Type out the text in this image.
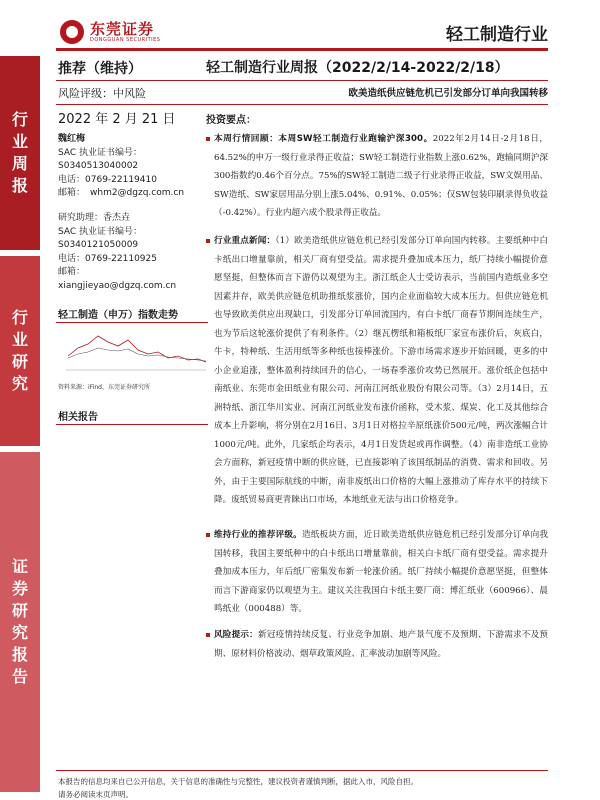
东莞证券
DONGGUAN SECURITIES	轻工制造行业
行
业
周
报
行
业
研
究
证
券
研
究
报
告
推荐（维持）
风险评级：中风险
2022 年 2 月 21 日
魏红梅
SAC 执业证书编号：
S0340513040002
电话：0769-22119410
邮箱： whm2@dgzq.com.cn
研究助理：香杰垚
SAC 执业证书编号：
S0340121050009
电话：0769-22110925
邮箱：
xiangjieyao@dgzq.com.cn
轻工制造（申万）指数走势
资料来源：iFind，东莞证券研究所
相关报告
轻工制造行业周报（2022/2/14-2022/2/18）
欧美造纸供应链危机已引发部分订单向我国转移
投资要点：
本周行情回顾：本周SW轻工制造行业跑输沪深300。2022年2月14日-2月18日，64.52%的申万一级行业录得正收益；SW轻工制造行业指数上涨0.62%，跑输同期沪深300指数约0.46个百分点。75%的SW轻工制造二级子行业录得正收益，SW文娱用品、SW造纸、SW家居用品分别上涨5.04%、0.91%、0.05%；仅SW包装印刷录得负收益（-0.42%）。行业内超六成个股录得正收益。
行业重点新闻：（1）欧美造纸供应链危机已经引发部分订单向国内转移。主要纸种中白卡纸出口增量靠前，相关厂商有望受益。需求提升叠加成本压力，纸厂持续小幅提价意愿坚挺，但整体而言下游仍以观望为主。浙江纸企人士受访表示，当前国内造纸业多空因素并存，欧美供应链危机助推纸浆涨价，国内企业面临较大成本压力。但供应链危机也导致欧美供应出现缺口，引发部分订单回流国内，有白卡纸厂商春节期间连续生产，也为节后这轮涨价提供了有利条件。（2）继瓦楞纸和箱板纸厂家宣布涨价后，灰底白，牛卡，特种纸、生活用纸等多种纸也接棒涨价。下游市场需求逐步开始回暖，更多的中小企业追涨，整体盈利持续回升的信心，一场春季涨价攻势已然展开。涨价纸企包括中南纸业、东莞市金田纸业有限公司、河南江河纸业股份有限公司等。（3）2月14日，五洲特纸、浙江华川实业、河南江河纸业发布涨价函称，受木浆、煤炭、化工及其他综合成本上升影响，将分别在2月16日、3月1日对格拉辛原纸涨价500元/吨，两次涨幅合计1000元/吨。此外，几家纸企均表示，4月1日发货起或再作调整。（4）南非造纸工业协会方面称，新冠疫情中断的供应链，已直接影响了该国纸制品的消费、需求和回收。另外，由于主要国际航线的中断，南非废纸出口价格的大幅上涨推动了库存水平的持续下降。废纸贸易商更青睐出口市场，本地纸业无法与出口价格竞争。
维持行业的推荐评级。造纸板块方面，近日欧美造纸供应链危机已经引发部分订单向我国转移，我国主要纸种中的白卡纸出口增量靠前，相关白卡纸厂商有望受益。需求提升叠加成本压力，年后纸厂密集发布新一轮涨价函。纸厂持续小幅提价意愿坚挺，但整体而言下游商家仍以观望为主。建议关注我国白卡纸主要厂商：博汇纸业（600966）、晨鸣纸业（000488）等。
风险提示：新冠疫情持续反复、行业竞争加剧、地产景气度不及预期、下游需求不及预期、原材料价格波动、烟草政策风险、汇率波动加剧等风险。
本报告的信息均来自已公开信息，关于信息的准确性与完整性，建议投资者谨慎判断，据此入市，风险自担。
请务必阅读末页声明。
